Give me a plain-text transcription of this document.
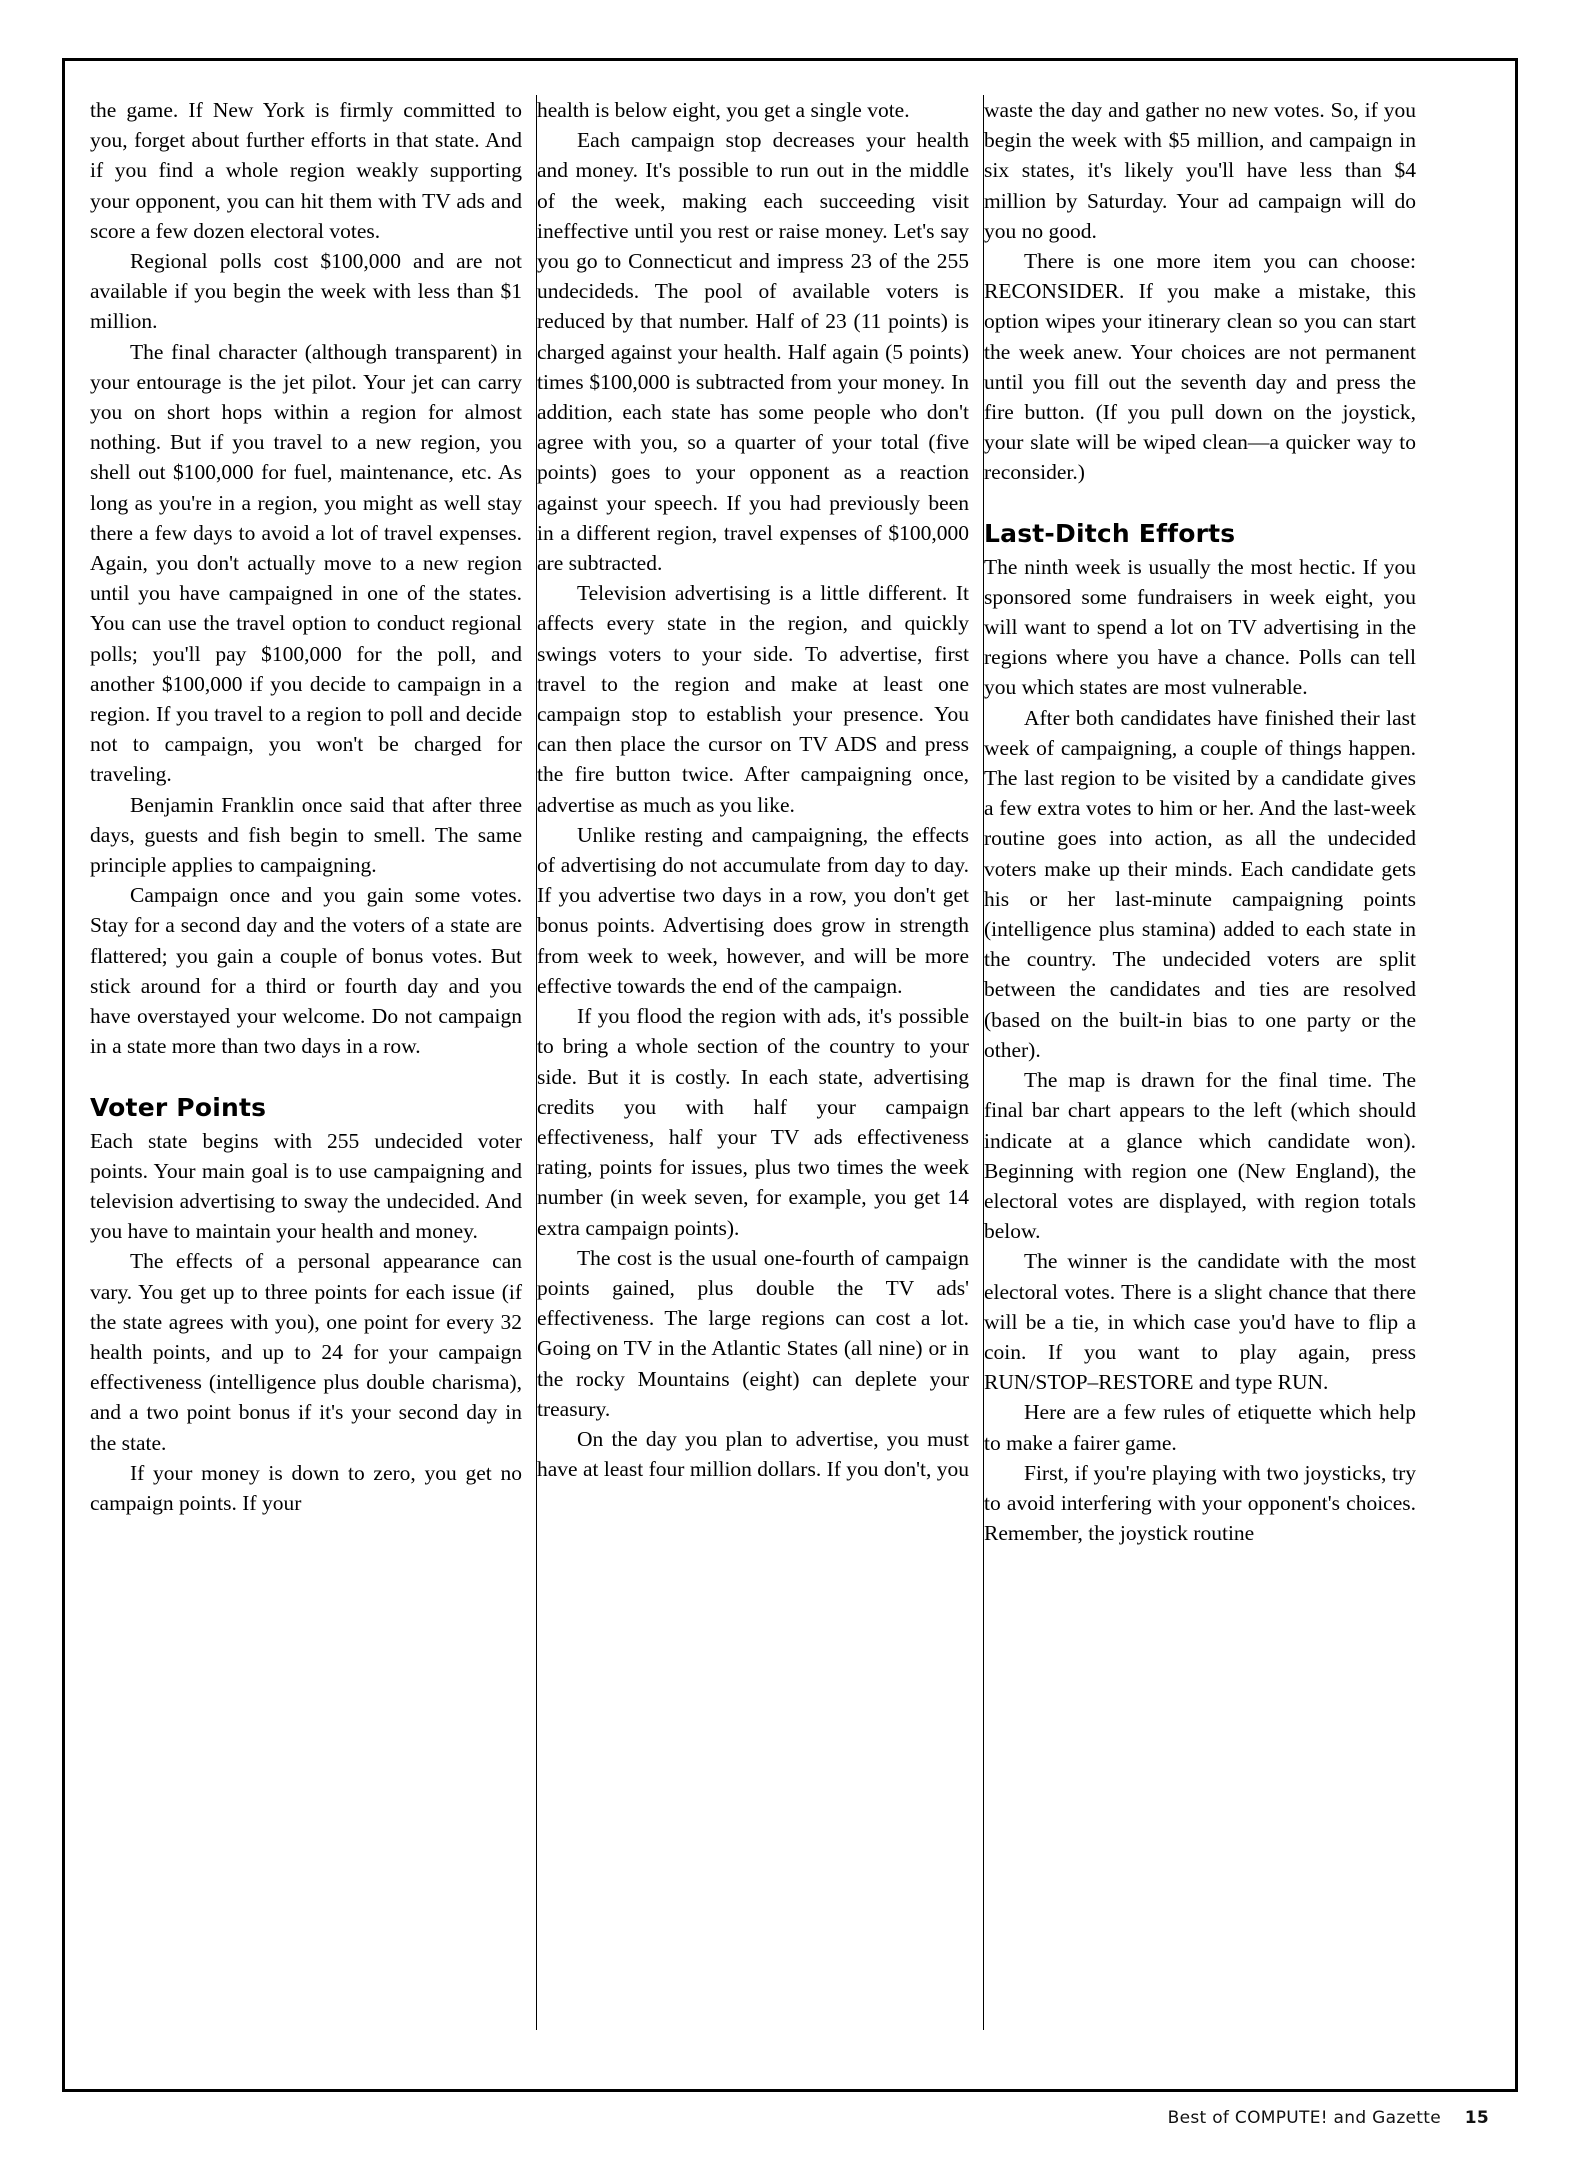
the game. If New York is firmly committed to you, forget about further efforts in that state. And if you find a whole region weakly supporting your opponent, you can hit them with TV ads and score a few dozen electoral votes.

Regional polls cost $100,000 and are not available if you begin the week with less than $1 million.

The final character (although transparent) in your entourage is the jet pilot. Your jet can carry you on short hops within a region for almost nothing. But if you travel to a new region, you shell out $100,000 for fuel, maintenance, etc. As long as you're in a region, you might as well stay there a few days to avoid a lot of travel expenses. Again, you don't actually move to a new region until you have campaigned in one of the states. You can use the travel option to conduct regional polls; you'll pay $100,000 for the poll, and another $100,000 if you decide to campaign in a region. If you travel to a region to poll and decide not to campaign, you won't be charged for traveling.

Benjamin Franklin once said that after three days, guests and fish begin to smell. The same principle applies to campaigning.

Campaign once and you gain some votes. Stay for a second day and the voters of a state are flattered; you gain a couple of bonus votes. But stick around for a third or fourth day and you have overstayed your welcome. Do not campaign in a state more than two days in a row.

Voter Points

Each state begins with 255 undecided voter points. Your main goal is to use campaigning and television advertising to sway the undecided. And you have to maintain your health and money.

The effects of a personal appearance can vary. You get up to three points for each issue (if the state agrees with you), one point for every 32 health points, and up to 24 for your campaign effectiveness (intelligence plus double charisma), and a two point bonus if it's your second day in the state.

If your money is down to zero, you get no campaign points. If your

health is below eight, you get a single vote.

Each campaign stop decreases your health and money. It's possible to run out in the middle of the week, making each succeeding visit ineffective until you rest or raise money. Let's say you go to Connecticut and impress 23 of the 255 undecideds. The pool of available voters is reduced by that number. Half of 23 (11 points) is charged against your health. Half again (5 points) times $100,000 is subtracted from your money. In addition, each state has some people who don't agree with you, so a quarter of your total (five points) goes to your opponent as a reaction against your speech. If you had previously been in a different region, travel expenses of $100,000 are subtracted.

Television advertising is a little different. It affects every state in the region, and quickly swings voters to your side. To advertise, first travel to the region and make at least one campaign stop to establish your presence. You can then place the cursor on TV ADS and press the fire button twice. After campaigning once, advertise as much as you like.

Unlike resting and campaigning, the effects of advertising do not accumulate from day to day. If you advertise two days in a row, you don't get bonus points. Advertising does grow in strength from week to week, however, and will be more effective towards the end of the campaign.

If you flood the region with ads, it's possible to bring a whole section of the country to your side. But it is costly. In each state, advertising credits you with half your campaign effectiveness, half your TV ads effectiveness rating, points for issues, plus two times the week number (in week seven, for example, you get 14 extra campaign points).

The cost is the usual one-fourth of campaign points gained, plus double the TV ads' effectiveness. The large regions can cost a lot. Going on TV in the Atlantic States (all nine) or in the rocky Mountains (eight) can deplete your treasury.

On the day you plan to advertise, you must have at least four million dollars. If you don't, you

waste the day and gather no new votes. So, if you begin the week with $5 million, and campaign in six states, it's likely you'll have less than $4 million by Saturday. Your ad campaign will do you no good.

There is one more item you can choose: RECONSIDER. If you make a mistake, this option wipes your itinerary clean so you can start the week anew. Your choices are not permanent until you fill out the seventh day and press the fire button. (If you pull down on the joystick, your slate will be wiped clean—a quicker way to reconsider.)

Last-Ditch Efforts

The ninth week is usually the most hectic. If you sponsored some fundraisers in week eight, you will want to spend a lot on TV advertising in the regions where you have a chance. Polls can tell you which states are most vulnerable.

After both candidates have finished their last week of campaigning, a couple of things happen. The last region to be visited by a candidate gives a few extra votes to him or her. And the last-week routine goes into action, as all the undecided voters make up their minds. Each candidate gets his or her last-minute campaigning points (intelligence plus stamina) added to each state in the country. The undecided voters are split between the candidates and ties are resolved (based on the built-in bias to one party or the other).

The map is drawn for the final time. The final bar chart appears to the left (which should indicate at a glance which candidate won). Beginning with region one (New England), the electoral votes are displayed, with region totals below.

The winner is the candidate with the most electoral votes. There is a slight chance that there will be a tie, in which case you'd have to flip a coin. If you want to play again, press RUN/STOP–RESTORE and type RUN.

Here are a few rules of etiquette which help to make a fairer game.

First, if you're playing with two joysticks, try to avoid interfering with your opponent's choices. Remember, the joystick routine

Best of COMPUTE! and Gazette 15
